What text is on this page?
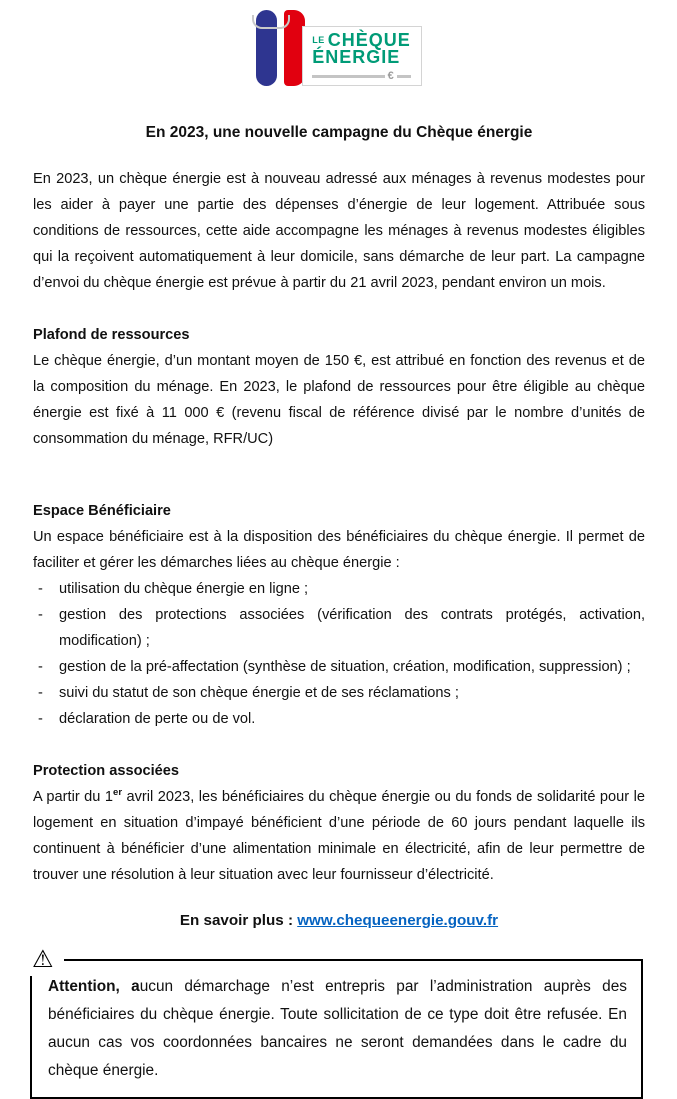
LE CHÈQUE
ÉNERGIE
€
En 2023, une nouvelle campagne du Chèque énergie

En 2023, un chèque énergie est à nouveau adressé aux ménages à revenus modestes pour les aider à payer une partie des dépenses d’énergie de leur logement. Attribuée sous conditions de ressources, cette aide accompagne les ménages à revenus modestes éligibles qui la reçoivent automatiquement à leur domicile, sans démarche de leur part. La campagne d’envoi du chèque énergie est prévue à partir du 21 avril 2023, pendant environ un mois.

Plafond de ressources

Le chèque énergie, d’un montant moyen de 150 €, est attribué en fonction des revenus et de la composition du ménage. En 2023, le plafond de ressources pour être éligible au chèque énergie est fixé à 11 000 € (revenu fiscal de référence divisé par le nombre d’unités de consommation du ménage, RFR/UC)

Espace Bénéficiaire

Un espace bénéficiaire est à la disposition des bénéficiaires du chèque énergie. Il permet de faciliter et gérer les démarches liées au chèque énergie :

-	utilisation du chèque énergie en ligne ;
-	gestion des protections associées (vérification des contrats protégés, activation, modification) ;
-	gestion de la pré-affectation (synthèse de situation, création, modification, suppression) ;
-	suivi du statut de son chèque énergie et de ses réclamations ;
-	déclaration de perte ou de vol.

Protection associées

A partir du 1er avril 2023, les bénéficiaires du chèque énergie ou du fonds de solidarité pour le logement en situation d’impayé bénéficient d’une période de 60 jours pendant laquelle ils continuent à bénéficier d’une alimentation minimale en électricité, afin de leur permettre de trouver une résolution à leur situation avec leur fournisseur d’électricité.

En savoir plus : www.chequeenergie.gouv.fr
⚠
Attention, aucun démarchage n’est entrepris par l’administration auprès des bénéficiaires du chèque énergie. Toute sollicitation de ce type doit être refusée. En aucun cas vos coordonnées bancaires ne seront demandées dans le cadre du chèque énergie.
